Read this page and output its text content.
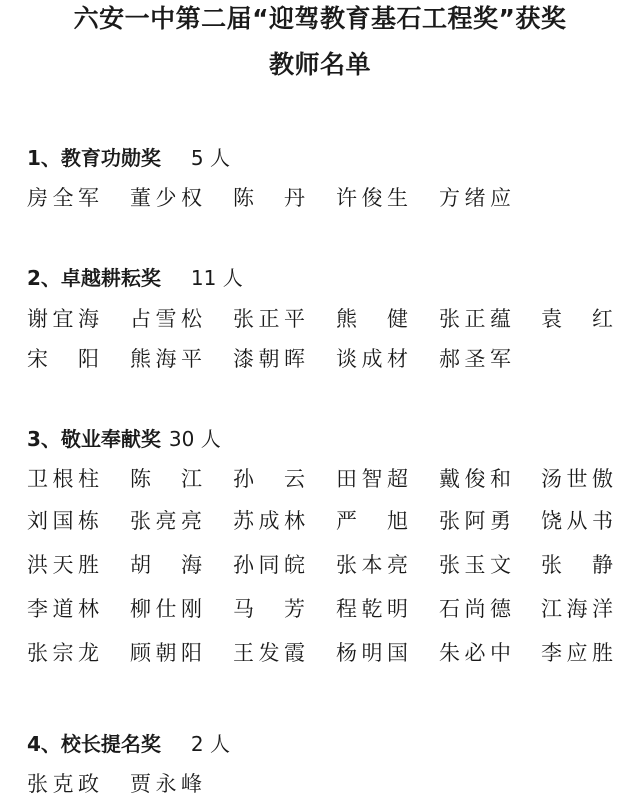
六安一中第二届“迎驾教育基石工程奖”获奖
教师名单
1、教育功勋奖 5 人
房全军 董少权 陈　丹 许俊生 方绪应
2、卓越耕耘奖 11 人
谢宜海 占雪松 张正平 熊　健 张正蕴 袁　红
宋　阳 熊海平 漆朝晖 谈成材 郝圣军
3、敬业奉献奖 30 人
卫根柱 陈　江 孙　云 田智超 戴俊和 汤世傲
刘国栋 张亮亮 苏成林 严　旭 张阿勇 饶从书
洪天胜 胡　海 孙同皖 张本亮 张玉文 张　静
李道林 柳仕刚 马　芳 程乾明 石尚德 江海洋
张宗龙 顾朝阳 王发霞 杨明国 朱必中 李应胜
4、校长提名奖 2 人
张克政 贾永峰
